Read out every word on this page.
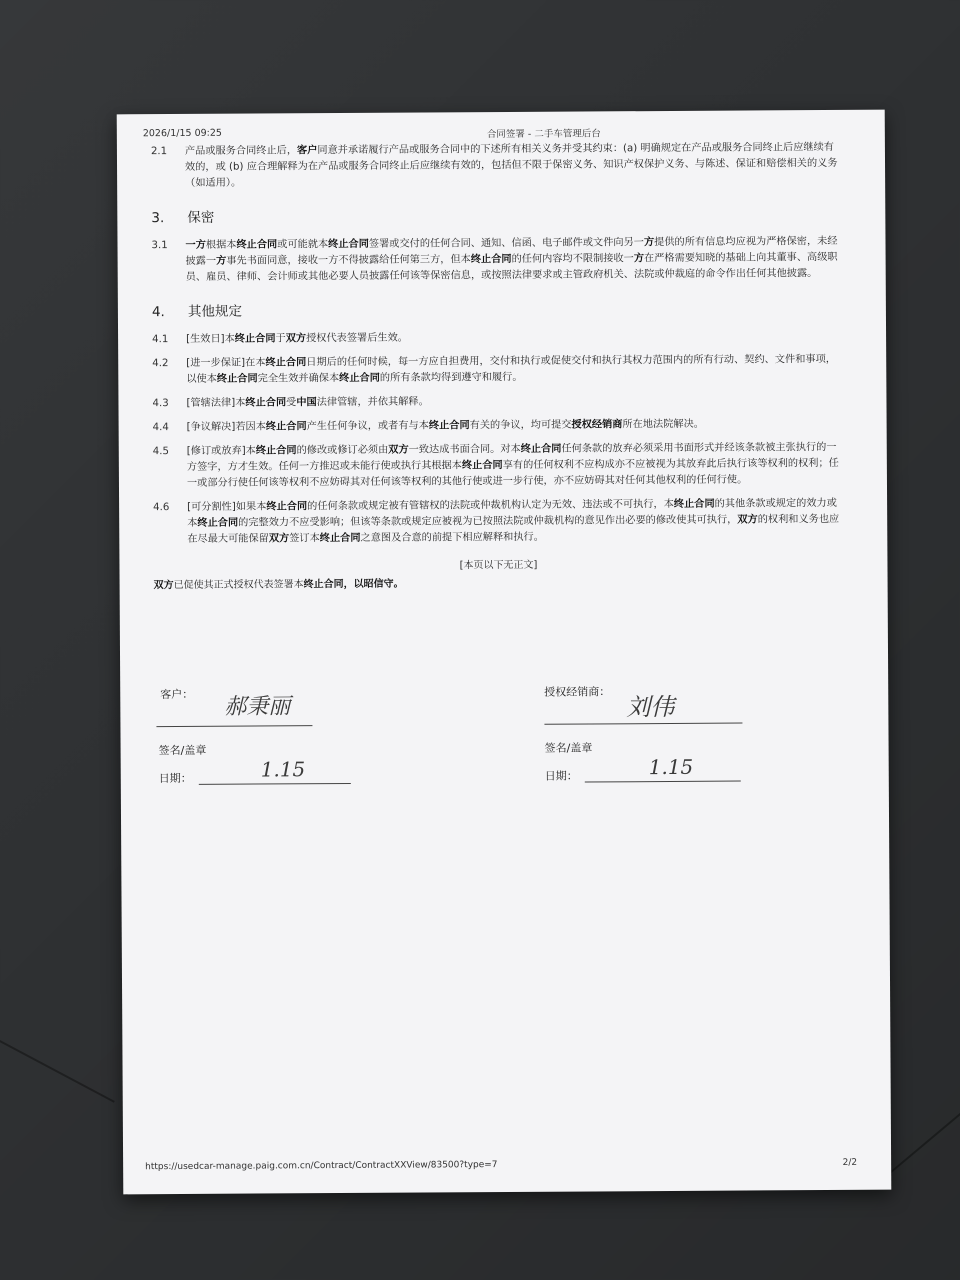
2026/1/15 09:25	合同签署 - 二手车管理后台
2.1	产品或服务合同终止后，客户同意并承诺履行产品或服务合同中的下述所有相关义务并受其约束：(a) 明确规定在产品或服务合同终止后应继续有效的，或 (b) 应合理解释为在产品或服务合同终止后应继续有效的，包括但不限于保密义务、知识产权保护义务、与陈述、保证和赔偿相关的义务（如适用）。
3.	保密
3.1	一方根据本终止合同或可能就本终止合同签署或交付的任何合同、通知、信函、电子邮件或文件向另一方提供的所有信息均应视为严格保密，未经披露一方事先书面同意，接收一方不得披露给任何第三方，但本终止合同的任何内容均不限制接收一方在严格需要知晓的基础上向其董事、高级职员、雇员、律师、会计师或其他必要人员披露任何该等保密信息，或按照法律要求或主管政府机关、法院或仲裁庭的命令作出任何其他披露。
4.	其他规定
4.1	[生效日]本终止合同于双方授权代表签署后生效。
4.2	[进一步保证]在本终止合同日期后的任何时候，每一方应自担费用，交付和执行或促使交付和执行其权力范围内的所有行动、契约、文件和事项，以使本终止合同完全生效并确保本终止合同的所有条款均得到遵守和履行。
4.3	[管辖法律]本终止合同受中国法律管辖，并依其解释。
4.4	[争议解决]若因本终止合同产生任何争议，或者有与本终止合同有关的争议，均可提交授权经销商所在地法院解决。
4.5	[修订或放弃]本终止合同的修改或修订必须由双方一致达成书面合同。对本终止合同任何条款的放弃必须采用书面形式并经该条款被主张执行的一方签字，方才生效。任何一方推迟或未能行使或执行其根据本终止合同享有的任何权利不应构成亦不应被视为其放弃此后执行该等权利的权利；任一或部分行使任何该等权利不应妨碍其对任何该等权利的其他行使或进一步行使，亦不应妨碍其对任何其他权利的任何行使。
4.6	[可分割性]如果本终止合同的任何条款或规定被有管辖权的法院或仲裁机构认定为无效、违法或不可执行，本终止合同的其他条款或规定的效力或本终止合同的完整效力不应受影响；但该等条款或规定应被视为已按照法院或仲裁机构的意见作出必要的修改使其可执行，双方的权利和义务也应在尽最大可能保留双方签订本终止合同之意图及合意的前提下相应解释和执行。
[本页以下无正文]
双方已促使其正式授权代表签署本终止合同，以昭信守。
客户： 郝秉丽
签名/盖章
日期：	1.15
授权经销商：
刘伟
签名/盖章
日期：	1.15
https://usedcar-manage.paig.com.cn/Contract/ContractXXView/83500?type=7	2/2
